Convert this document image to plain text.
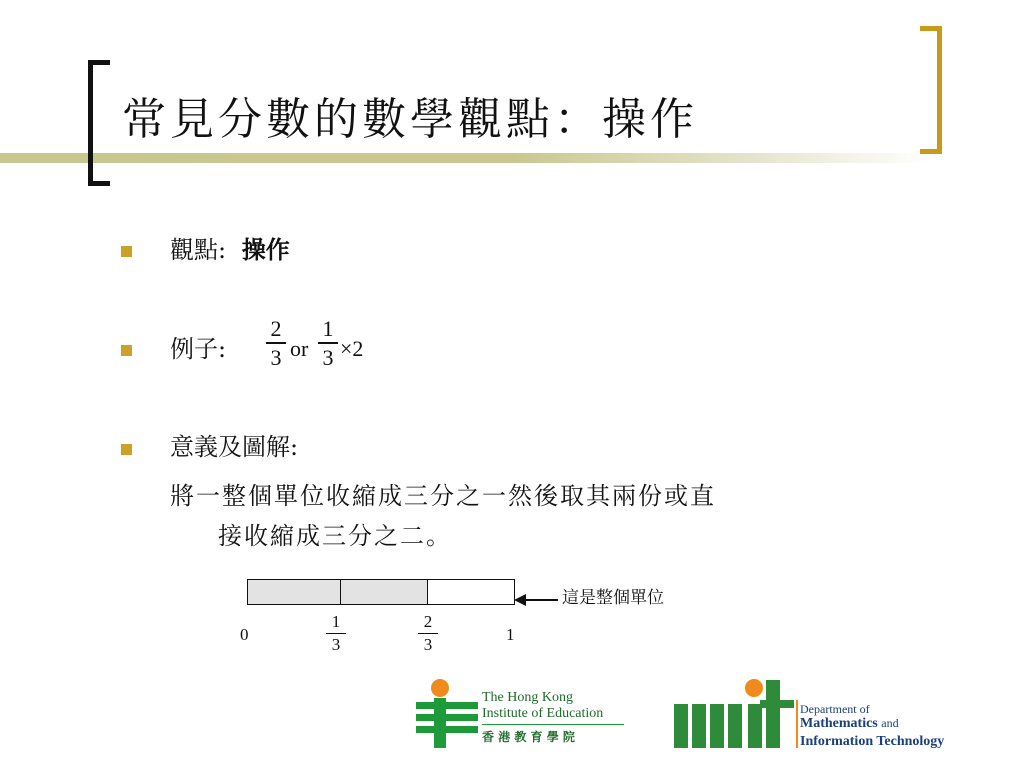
常見分數的數學觀點：操作
觀點: 操作
例子:
2
3 or
1
3 ×2
意義及圖解:
將一整個單位收縮成三分之一然後取其兩份或直
接收縮成三分之二。
這是整個單位
0
1
3
2
3
1
The Hong Kong
Institute of Education
香 港 教 育 學 院
Department of
Mathematics and
Information Technology
